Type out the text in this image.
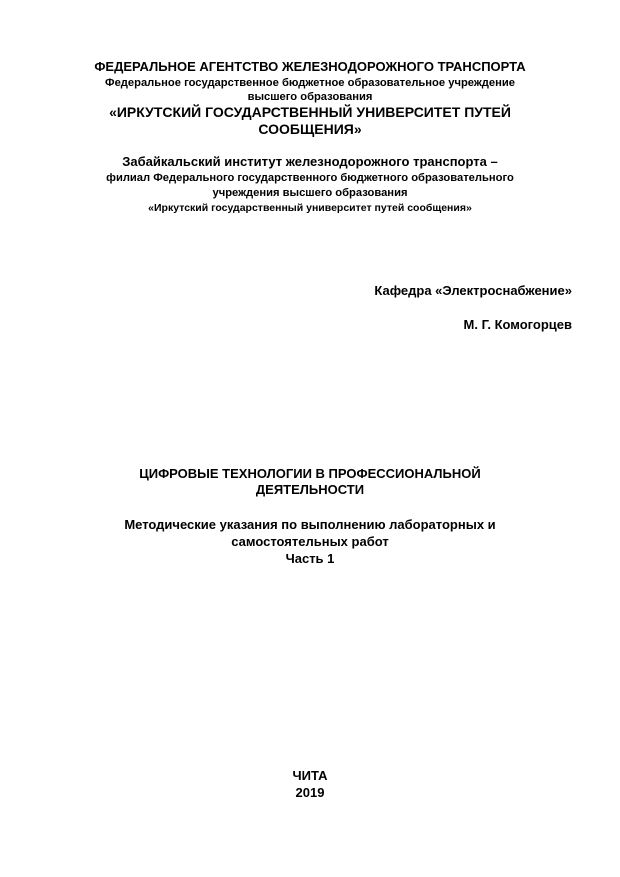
ФЕДЕРАЛЬНОЕ АГЕНТСТВО ЖЕЛЕЗНОДОРОЖНОГО ТРАНСПОРТА
Федеральное государственное бюджетное образовательное учреждение
высшего образования
«ИРКУТСКИЙ ГОСУДАРСТВЕННЫЙ УНИВЕРСИТЕТ ПУТЕЙ
СООБЩЕНИЯ»
Забайкальский институт железнодорожного транспорта –
филиал Федерального государственного бюджетного образовательного
учреждения высшего образования
«Иркутский государственный университет путей сообщения»
Кафедра «Электроснабжение»
М. Г. Комогорцев
ЦИФРОВЫЕ ТЕХНОЛОГИИ В ПРОФЕССИОНАЛЬНОЙ
ДЕЯТЕЛЬНОСТИ
Методические указания по выполнению лабораторных и
самостоятельных работ
Часть 1
ЧИТА
2019
